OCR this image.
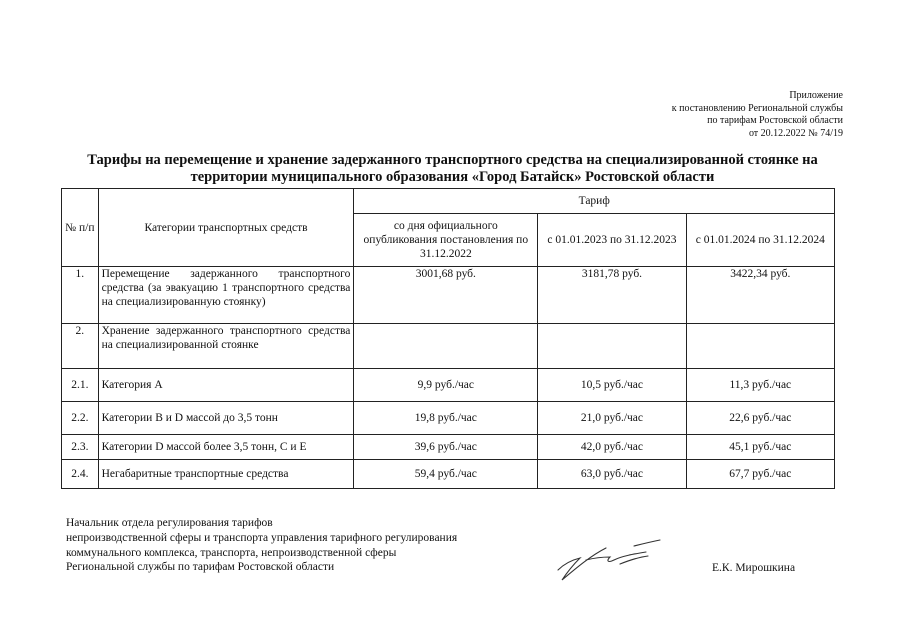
Приложение
к постановлению Региональной службы
по тарифам Ростовской области
от 20.12.2022 № 74/19
Тарифы на перемещение и хранение задержанного транспортного средства на специализированной стоянке на
территории муниципального образования «Город Батайск» Ростовской области
№ п/п	Категории транспортных средств	Тариф		
		со дня официального опубликования постановления по 31.12.2022	с 01.01.2023 по 31.12.2023	с 01.01.2024 по 31.12.2024
1.	Перемещение задержанного транспортного средства (за эвакуацию 1 транспортного средства на специализированную стоянку)	3001,68 руб.	3181,78 руб.	3422,34 руб.
2.	Хранение задержанного транспортного средства на специализированной стоянке			
2.1.	Категория А	9,9 руб./час	10,5 руб./час	11,3 руб./час
2.2.	Категории B и D массой до 3,5 тонн	19,8 руб./час	21,0 руб./час	22,6 руб./час
2.3.	Категории D массой более 3,5 тонн, C и E	39,6 руб./час	42,0 руб./час	45,1 руб./час
2.4.	Негабаритные транспортные средства	59,4 руб./час	63,0 руб./час	67,7 руб./час
Начальник отдела регулирования тарифов
непроизводственной сферы и транспорта управления тарифного регулирования
коммунального комплекса, транспорта, непроизводственной сферы
Региональной службы по тарифам Ростовской области	Е.К. Мирошкина
